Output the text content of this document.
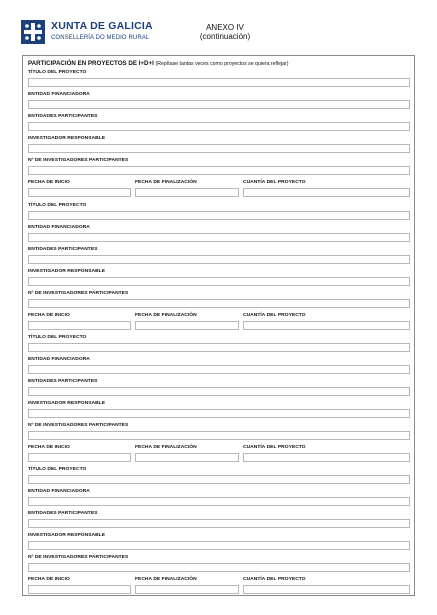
XUNTA DE GALICIA
CONSELLERÍA DO MEDIO RURAL
ANEXO IV
(continuación)
PARTICIPACIÓN EN PROYECTOS DE I+D+I (Repítase tantas veces como proyectos se quiera reflejar)
TÍTULO DEL PROYECTO
ENTIDAD FINANCIADORA
ENTIDADES PARTICIPANTES
INVESTIGADOR RESPONSABLE
Nº DE INVESTIGADORES PARTICIPANTES
FECHA DE INICIO	FECHA DE FINALIZACIÓN	CUANTÍA DEL PROYECTO
TÍTULO DEL PROYECTO
ENTIDAD FINANCIADORA
ENTIDADES PARTICIPANTES
INVESTIGADOR RESPONSABLE
Nº DE INVESTIGADORES PARTICIPANTES
FECHA DE INICIO	FECHA DE FINALIZACIÓN	CUANTÍA DEL PROYECTO
TÍTULO DEL PROYECTO
ENTIDAD FINANCIADORA
ENTIDADES PARTICIPANTES
INVESTIGADOR RESPONSABLE
Nº DE INVESTIGADORES PARTICIPANTES
FECHA DE INICIO	FECHA DE FINALIZACIÓN	CUANTÍA DEL PROYECTO
TÍTULO DEL PROYECTO
ENTIDAD FINANCIADORA
ENTIDADES PARTICIPANTES
INVESTIGADOR RESPONSABLE
Nº DE INVESTIGADORES PARTICIPANTES
FECHA DE INICIO	FECHA DE FINALIZACIÓN	CUANTÍA DEL PROYECTO
